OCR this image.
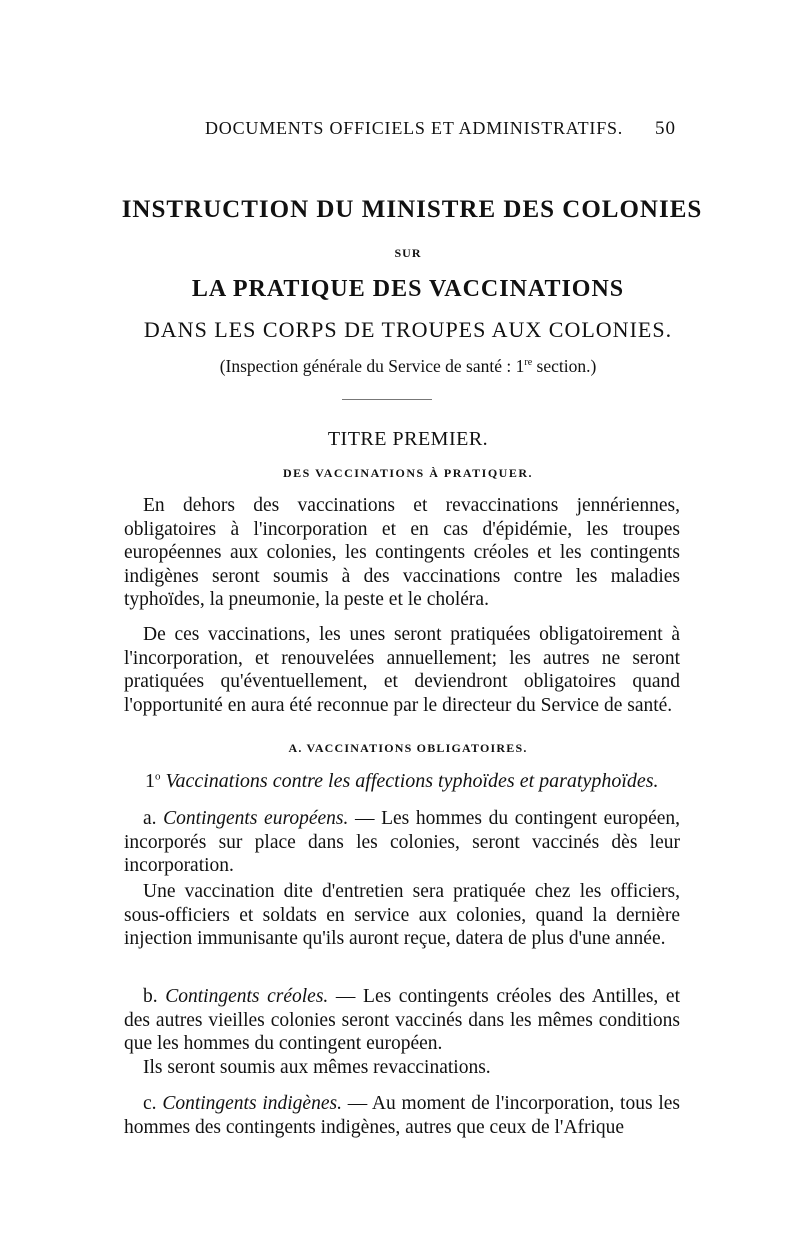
DOCUMENTS OFFICIELS ET ADMINISTRATIFS. 50
INSTRUCTION DU MINISTRE DES COLONIES
SUR
LA PRATIQUE DES VACCINATIONS
DANS LES CORPS DE TROUPES AUX COLONIES.
(Inspection générale du Service de santé : 1re section.)
TITRE PREMIER.
DES VACCINATIONS À PRATIQUER.

En dehors des vaccinations et revaccinations jennériennes, obligatoires à l'incorporation et en cas d'épidémie, les troupes européennes aux colonies, les contingents créoles et les contingents indigènes seront soumis à des vaccinations contre les maladies typhoïdes, la pneumonie, la peste et le choléra.

De ces vaccinations, les unes seront pratiquées obligatoirement à l'incorporation, et renouvelées annuellement; les autres ne seront pratiquées qu'éventuellement, et deviendront obligatoires quand l'opportunité en aura été reconnue par le directeur du Service de santé.

A. VACCINATIONS OBLIGATOIRES.
1$^o$ Vaccinations contre les affections typhoïdes et paratyphoïdes.

a. Contingents européens. — Les hommes du contingent européen, incorporés sur place dans les colonies, seront vaccinés dès leur incorporation.

Une vaccination dite d'entretien sera pratiquée chez les officiers, sous-officiers et soldats en service aux colonies, quand la dernière injection immunisante qu'ils auront reçue, datera de plus d'une année.

b. Contingents créoles. — Les contingents créoles des Antilles, et des autres vieilles colonies seront vaccinés dans les mêmes conditions que les hommes du contingent européen.

Ils seront soumis aux mêmes revaccinations.

c. Contingents indigènes. — Au moment de l'incorporation, tous les hommes des contingents indigènes, autres que ceux de l'Afrique
